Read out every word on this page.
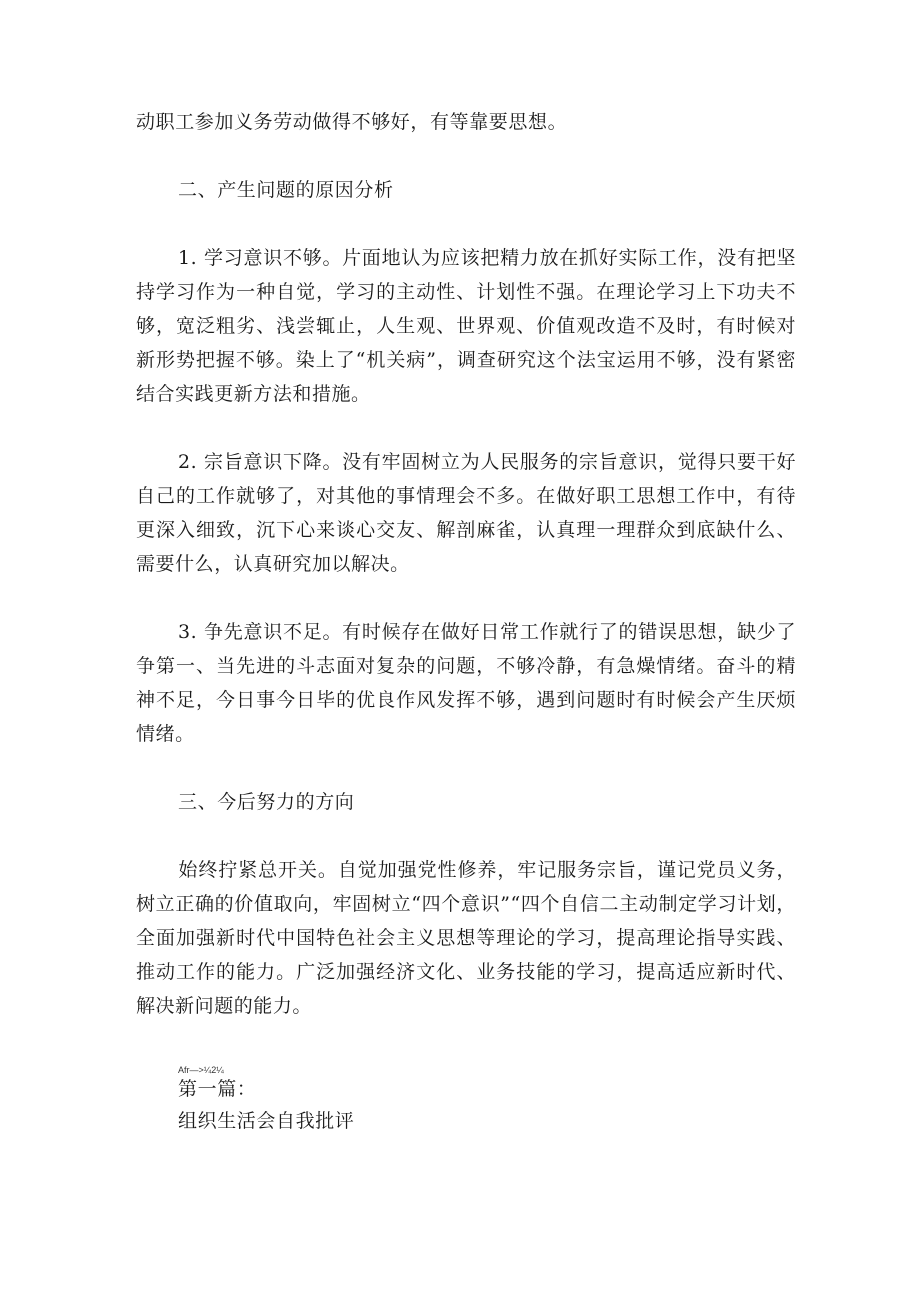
动职工参加义务劳动做得不够好，有等靠要思想。
二、产生问题的原因分析
1. 学习意识不够。片面地认为应该把精力放在抓好实际工作，没有把坚持学习作为一种自觉，学习的主动性、计划性不强。在理论学习上下功夫不够，宽泛粗劣、浅尝辄止，人生观、世界观、价值观改造不及时，有时候对新形势把握不够。染上了“机关病”，调查研究这个法宝运用不够，没有紧密结合实践更新方法和措施。
2. 宗旨意识下降。没有牢固树立为人民服务的宗旨意识，觉得只要干好自己的工作就够了，对其他的事情理会不多。在做好职工思想工作中，有待更深入细致，沉下心来谈心交友、解剖麻雀，认真理一理群众到底缺什么、需要什么，认真研究加以解决。
3. 争先意识不足。有时候存在做好日常工作就行了的错误思想，缺少了争第一、当先进的斗志面对复杂的问题，不够冷静，有急燥情绪。奋斗的精神不足，今日事今日毕的优良作风发挥不够，遇到问题时有时候会产生厌烦情绪。
三、今后努力的方向
始终拧紧总开关。自觉加强党性修养，牢记服务宗旨，谨记党员义务，树立正确的价值取向，牢固树立“四个意识”“四个自信二主动制定学习计划，全面加强新时代中国特色社会主义思想等理论的学习，提高理论指导实践、推动工作的能力。广泛加强经济文化、业务技能的学习，提高适应新时代、解决新问题的能力。
Afr—>¼2¼
第一篇：
组织生活会自我批评
